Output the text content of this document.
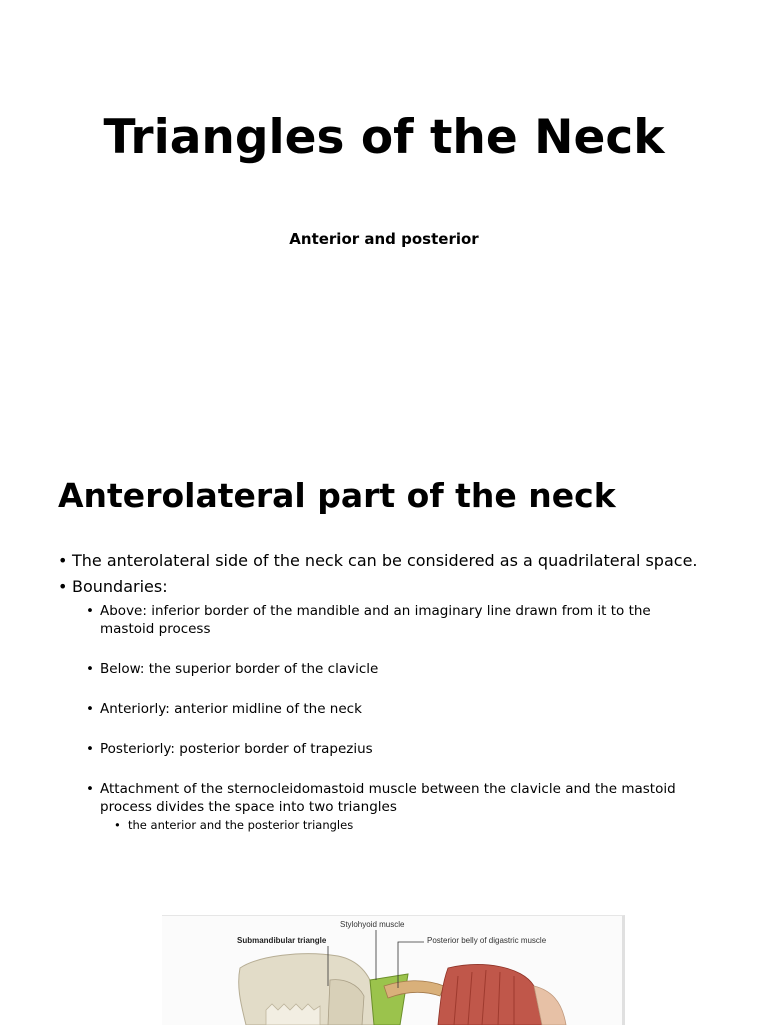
Triangles of the Neck

Anterior and posterior

Anterolateral part of the neck
• The anterolateral side of the neck can be considered as a quadrilateral space.
• Boundaries:
• Above: inferior border of the mandible and an imaginary line drawn from it to the mastoid process
• Below: the superior border of the clavicle
• Anteriorly: anterior midline of the neck
• Posteriorly: posterior border of trapezius
• Attachment of the sternocleidomastoid muscle between the clavicle and the mastoid process divides the space into two triangles
• the anterior and the posterior triangles
Stylohyoid muscle
Submandibular triangle	Posterior belly of digastric muscle
